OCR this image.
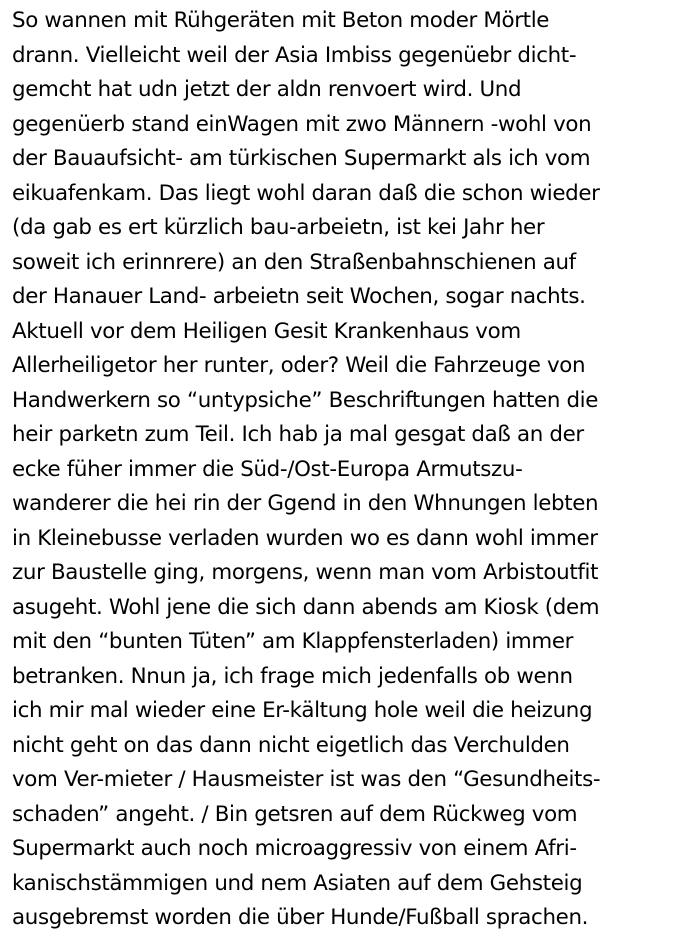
So wannen mit Rühgeräten mit Beton moder Mörtle
drann. Vielleicht weil der Asia Imbiss gegenüebr dicht-
gemcht hat udn jetzt der aldn renvoert wird. Und
gegenüerb stand einWagen mit zwo Männern -wohl von
der Bauaufsicht- am türkischen Supermarkt als ich vom
eikuafenkam. Das liegt wohl daran daß die schon wieder
(da gab es ert kürzlich bau-arbeietn, ist kei Jahr her
soweit ich erinnrere) an den Straßenbahnschienen auf
der Hanauer Land- arbeietn seit Wochen, sogar nachts.
Aktuell vor dem Heiligen Gesit Krankenhaus vom
Allerheiligetor her runter, oder? Weil die Fahrzeuge von
Handwerkern so “untypsiche” Beschriftungen hatten die
heir parketn zum Teil. Ich hab ja mal gesgat daß an der
ecke füher immer die Süd-/Ost-Europa Armutszu-
wanderer die hei rin der Ggend in den Whnungen lebten
in Kleinebusse verladen wurden wo es dann wohl immer
zur Baustelle ging, morgens, wenn man vom Arbistoutfit
asugeht. Wohl jene die sich dann abends am Kiosk (dem
mit den “bunten Tüten” am Klappfensterladen) immer
betranken. Nnun ja, ich frage mich jedenfalls ob wenn
ich mir mal wieder eine Er-kältung hole weil die heizung
nicht geht on das dann nicht eigetlich das Verchulden
vom Ver-mieter / Hausmeister ist was den “Gesundheits-
schaden” angeht. / Bin getsren auf dem Rückweg vom
Supermarkt auch noch microaggressiv von einem Afri-
kanischstämmigen und nem Asiaten auf dem Gehsteig
ausgebremst worden die über Hunde/Fußball sprachen.
